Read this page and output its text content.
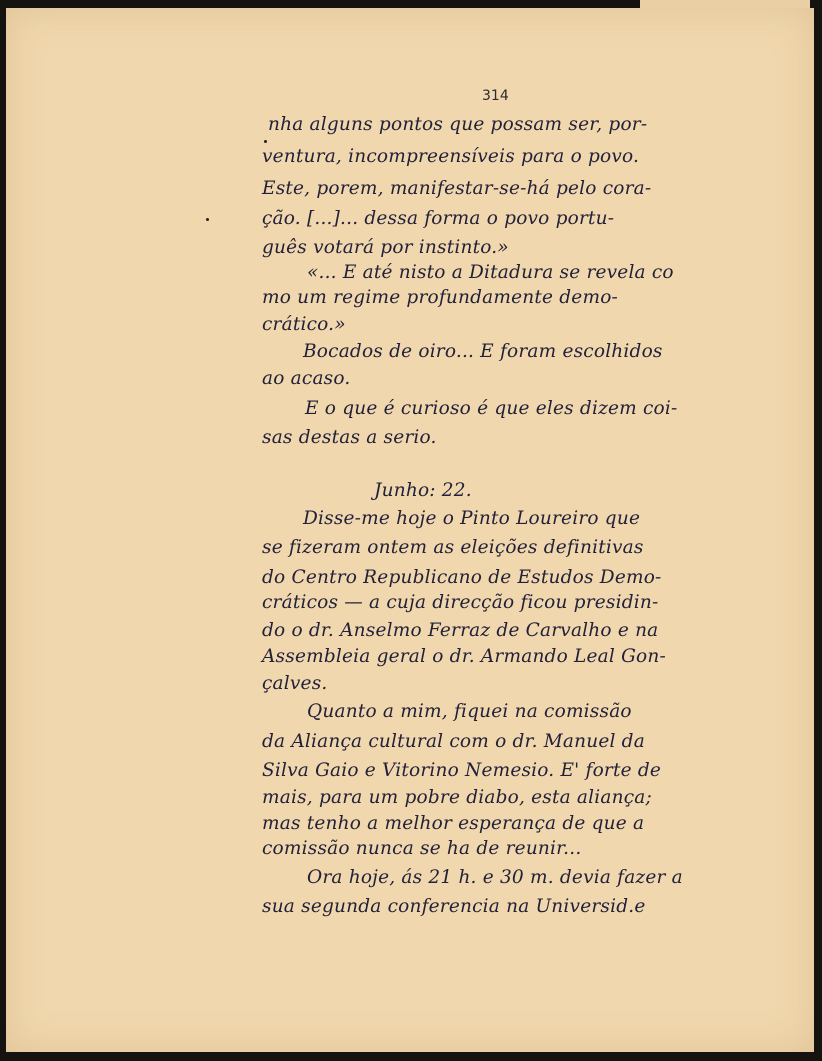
314

nha alguns pontos que possam ser, por-

ventura, incompreensíveis para o povo.

Este, porem, manifestar-se-há pelo cora-

ção. [...]... dessa forma o povo portu-

guês votará por instinto.»

«... E até nisto a Ditadura se revela co

mo um regime profundamente demo-

crático.»

Bocados de oiro... E foram escolhidos

ao acaso.

E o que é curioso é que eles dizem coi-

sas destas a serio.

Junho: 22.

Disse-me hoje o Pinto Loureiro que

se fizeram ontem as eleições definitivas

do Centro Republicano de Estudos Demo-

cráticos — a cuja direcção ficou presidin-

do o dr. Anselmo Ferraz de Carvalho e na

Assembleia geral o dr. Armando Leal Gon-

çalves.

Quanto a mim, fiquei na comissão

da Aliança cultural com o dr. Manuel da

Silva Gaio e Vitorino Nemesio. E' forte de

mais, para um pobre diabo, esta aliança;

mas tenho a melhor esperança de que a

comissão nunca se ha de reunir...

Ora hoje, ás 21 h. e 30 m. devia fazer a

sua segunda conferencia na Universid.e
